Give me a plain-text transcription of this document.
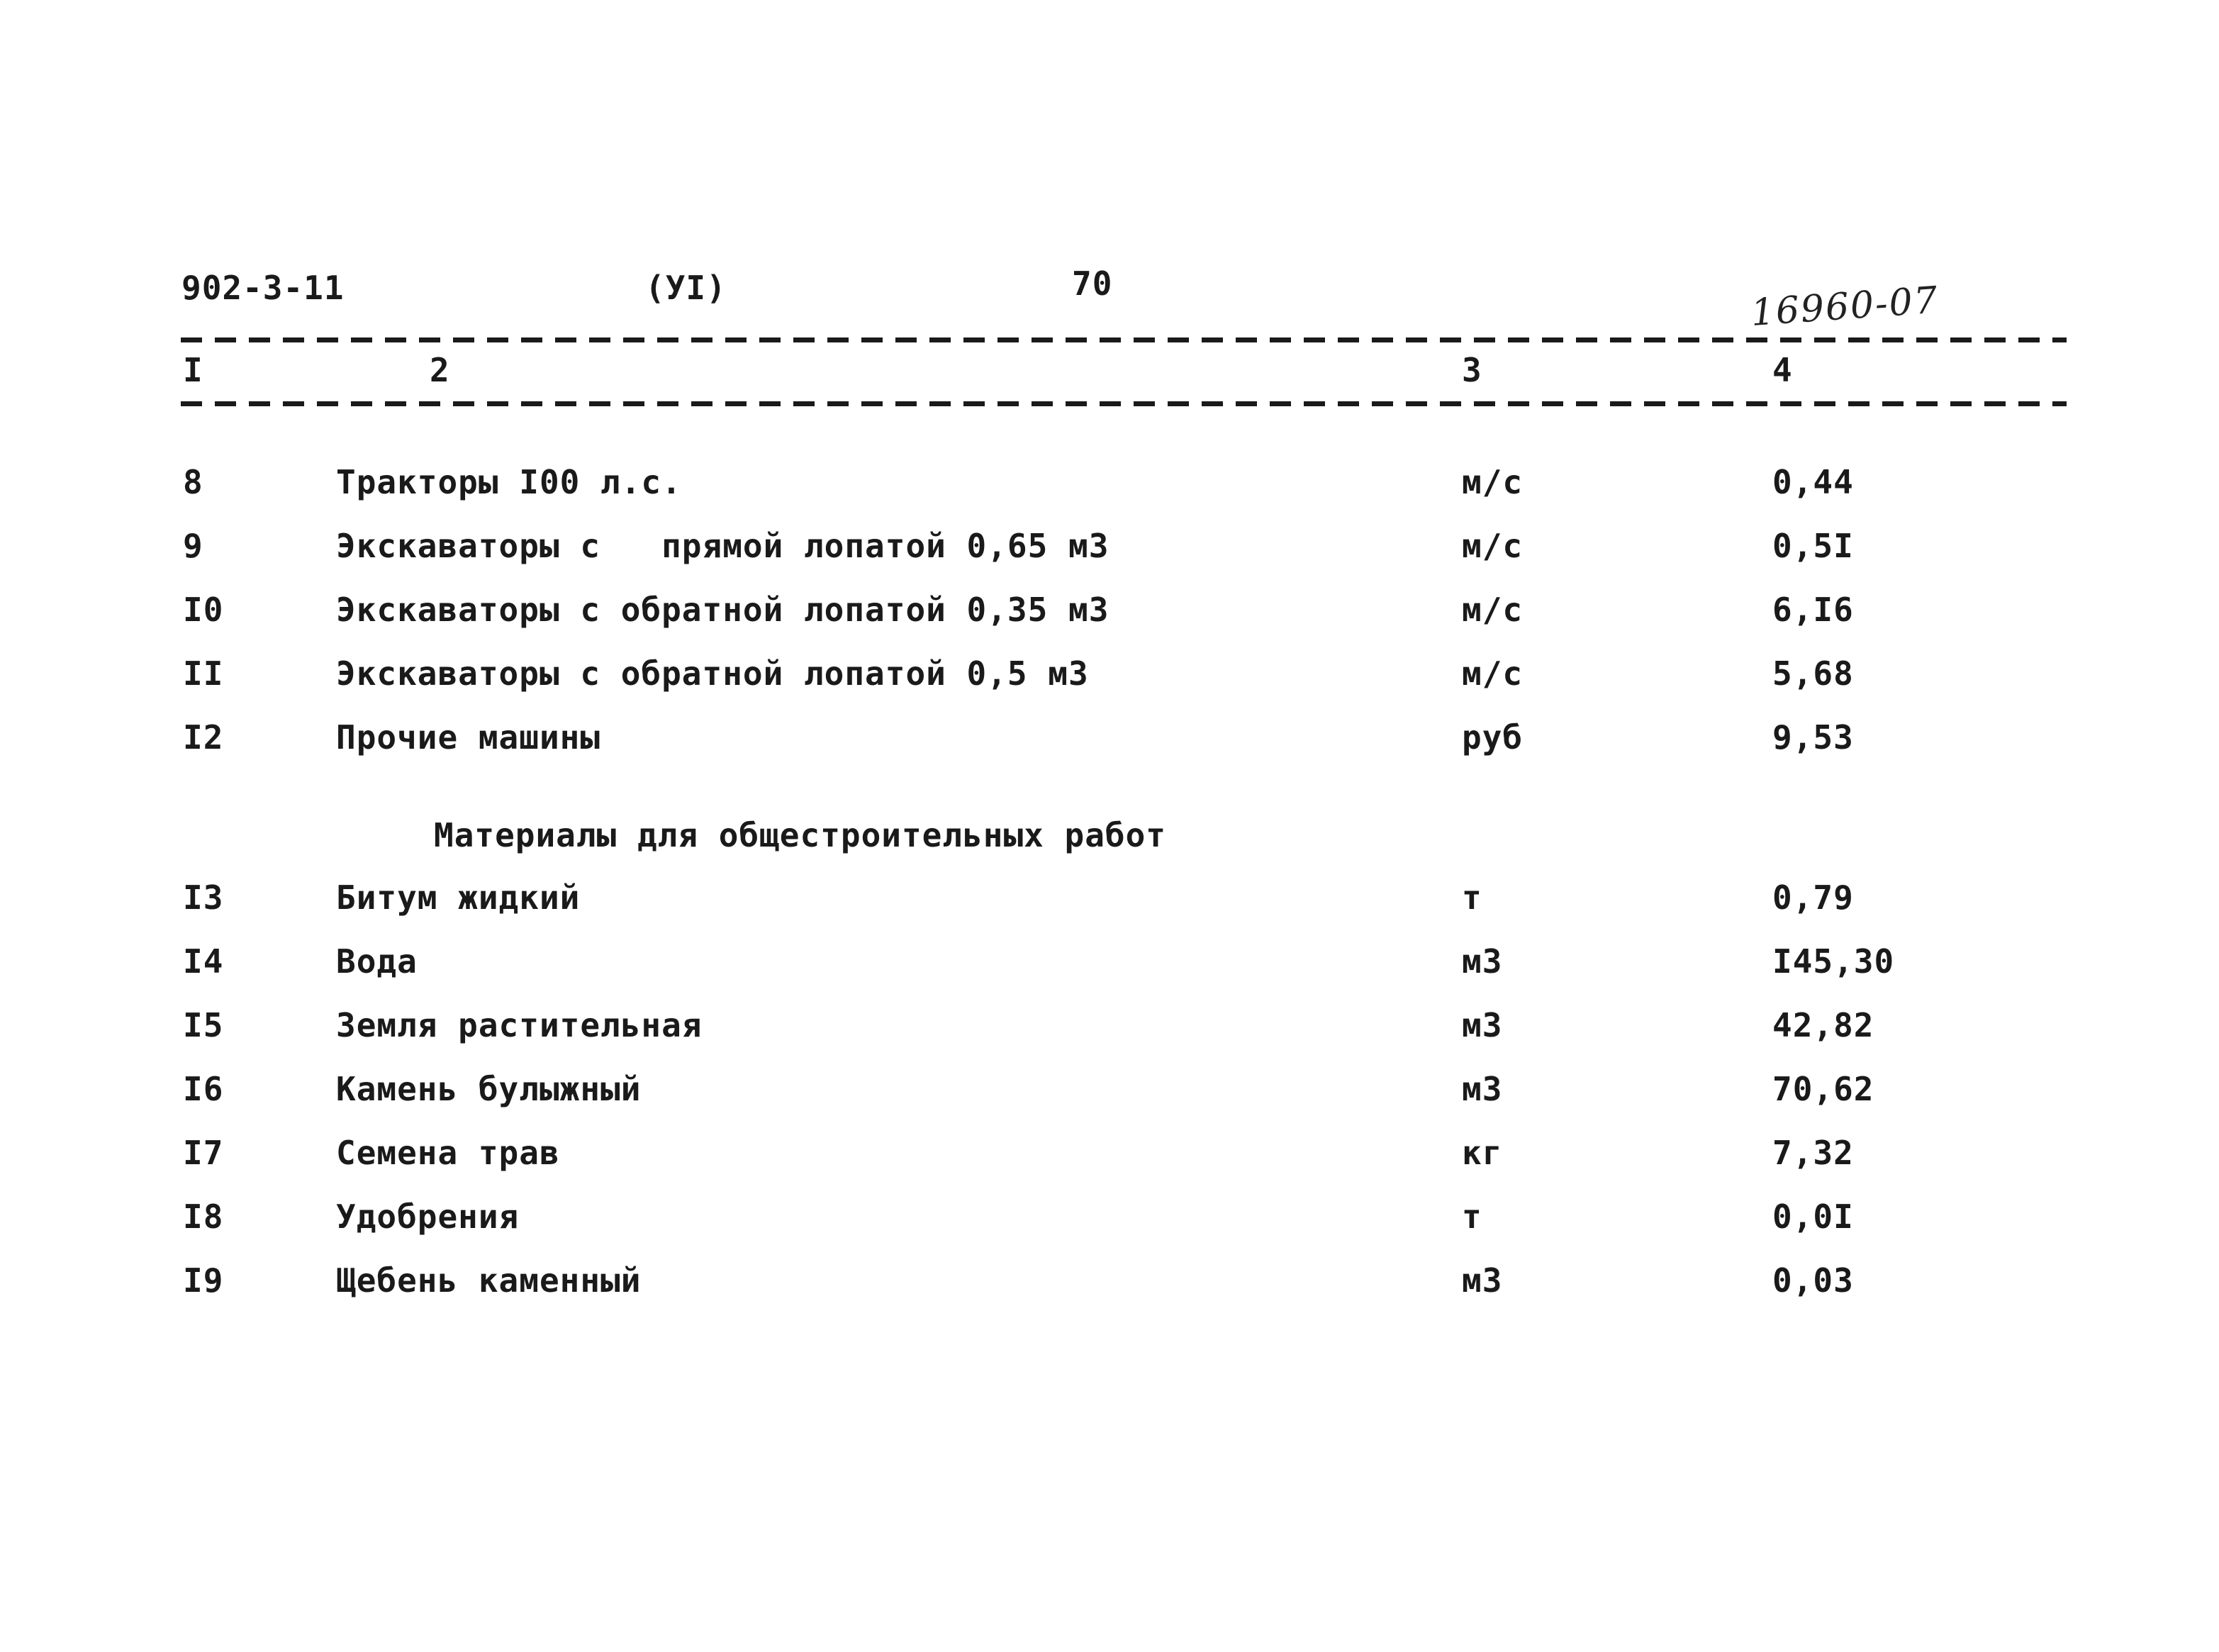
902-3-11	(УI)	70	16960-07
I	2	3	4
8	Тракторы I00 л.с.	м/с	0,44
9	Экскаваторы с   прямой лопатой 0,65 м3	м/с	0,5I
I0	Экскаваторы с обратной лопатой 0,35 м3	м/с	6,I6
II	Экскаваторы с обратной лопатой 0,5 м3	м/с	5,68
I2	Прочие машины	руб	9,53
Материалы для общестроительных работ
I3	Битум жидкий	т	0,79
I4	Вода	м3	I45,30
I5	Земля растительная	м3	42,82
I6	Камень булыжный	м3	70,62
I7	Семена трав	кг	7,32
I8	Удобрения	т	0,0I
I9	Щебень каменный	м3	0,03
